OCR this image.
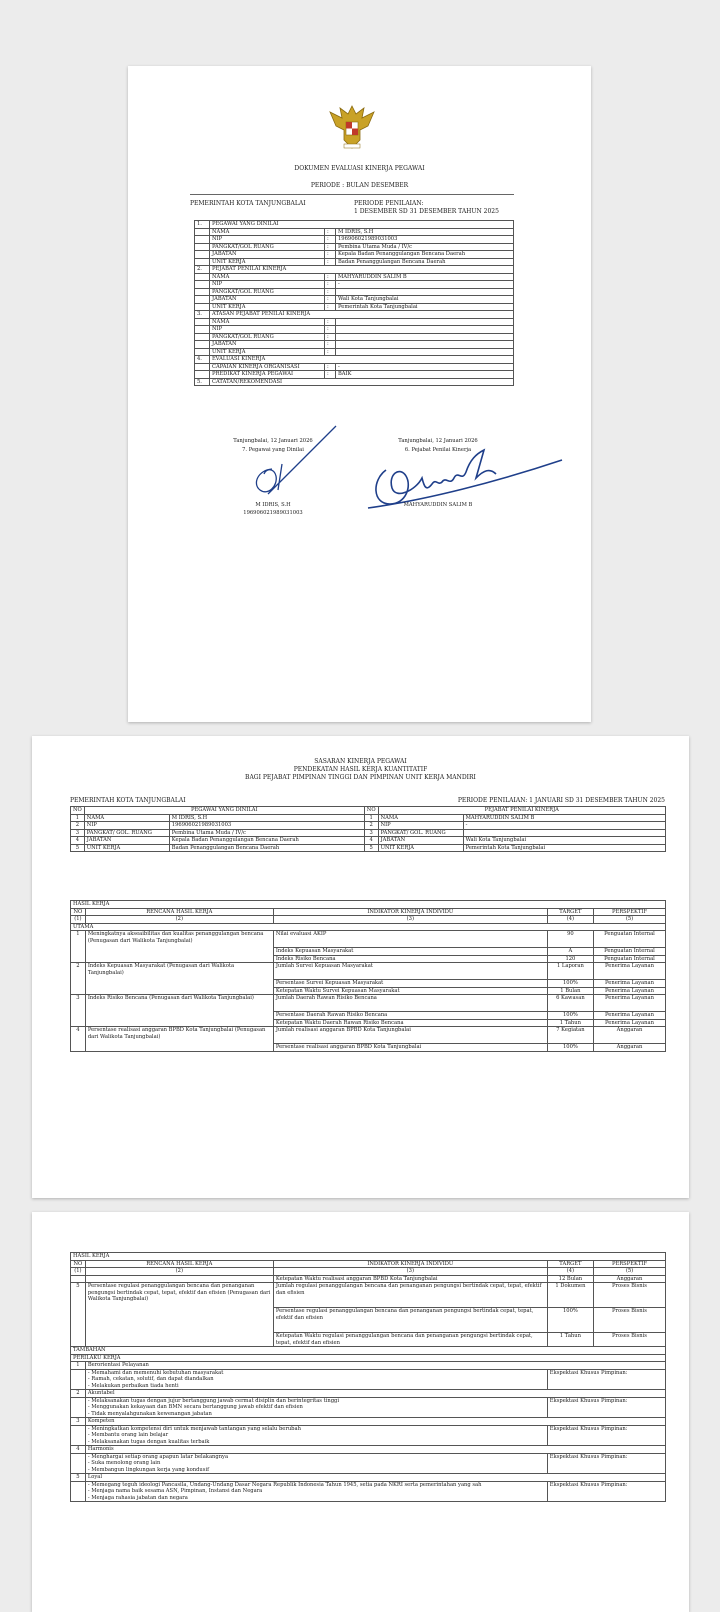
DOKUMEN EVALUASI KINERJA PEGAWAI
PERIODE : BULAN DESEMBER
PEMERINTAH KOTA TANJUNGBALAI	PERIODE PENILAIAN:
1 DESEMBER SD 31 DESEMBER TAHUN 2025
1.	PEGAWAI YANG DINILAI		
	NAMA	:	M IDRIS, S.H
	NIP	:	196906021989031003
	PANGKAT/GOL RUANG	:	Pembina Utama Muda / IV/c
	JABATAN	:	Kepala Badan Penanggulangan Bencana Daerah
	UNIT KERJA	:	Badan Penanggulangan Bencana Daerah
2.	PEJABAT PENILAI KINERJA		
	NAMA	:	MAHYARUDDIN SALIM B
	NIP	:	-
	PANGKAT/GOL RUANG	:	
	JABATAN	:	Wali Kota Tanjungbalai
	UNIT KERJA	:	Pemerintah Kota Tanjungbalai
3.	ATASAN PEJABAT PENILAI KINERJA		
	NAMA	:	
	NIP	:	
	PANGKAT/GOL RUANG	:	
	JABATAN	:	
	UNIT KERJA	:	
4.	EVALUASI KINERJA		
	CAPAIAN KINERJA ORGANISASI	:	-
	PREDIKAT KINERJA PEGAWAI	:	BAIK
5.	CATATAN/REKOMENDASI		
Tanjungbalai, 12 Januari 2026
7. Pegawai yang Dinilai
Tanjungbalai, 12 Januari 2026
6. Pejabat Penilai Kinerja
M IDRIS, S.H
196906021989031003
MAHYARUDDIN SALIM B
SASARAN KINERJA PEGAWAI
PENDEKATAN HASIL KERJA KUANTITATIF
BAGI PEJABAT PIMPINAN TINGGI DAN PIMPINAN UNIT KERJA MANDIRI
PEMERINTAH KOTA TANJUNGBALAI	PERIODE PENILAIAN: 1 JANUARI SD 31 DESEMBER TAHUN 2025
NO	PEGAWAI YANG DINILAI		NO	PEJABAT PENILAI KINERJA	
1	NAMA	M IDRIS, S.H	1	NAMA	MAHYARUDDIN SALIM B
2	NIP	196906021989031003	2	NIP	-
3	PANGKAT/ GOL. RUANG	Pembina Utama Muda / IV/c	3	PANGKAT/ GOL. RUANG	
4	JABATAN	Kepala Badan Penanggulangan Bencana Daerah	4	JABATAN	Wali Kota Tanjungbalai
5	UNIT KERJA	Badan Penanggulangan Bencana Daerah	5	UNIT KERJA	Pemerintah Kota Tanjungbalai
HASIL KERJA				
NO	RENCANA HASIL KERJA	INDIKATOR KINERJA INDIVIDU	TARGET	PERSPEKTIF
(1)	(2)	(3)	(4)	(5)
UTAMA				
1	Meningkatnya akseaibilitas dan kualitas penanggulangan bencana (Penugasan dari Walikota Tanjungbalai)	Nilai evaluasi AKIP	90	Penguatan Internal
		Indeks Kepuasan Masyarakat	A	Penguatan Internal
		Indeks Risiko Bencana	120	Penguatan Internal
2	Indeks Kepuasan Masyarakat (Penugasan dari Walikota Tanjungbalai)	Jumlah Survei Kepuasan Masyarakat	1 Laporan	Penerima Layanan
		Persentase Survei Kepuasan Masyarakat	100%	Penerima Layanan
		Ketepatan Waktu Survei Kepuasan Masyarakat	1 Bulan	Penerima Layanan
3	Indeks Risiko Bencana (Penugasan dari Walikota Tanjungbalai)	Jumlah Daerah Rawan Risiko Bencana	6 Kawasan	Penerima Layanan
		Persentase Daerah Rawan Risiko Bencana	100%	Penerima Layanan
		Ketepatan Waktu Daerah Rawan Risiko Bencana	1 Tahun	Penerima Layanan
4	Persentase realisasi anggaran BPBD Kota Tanjungbalai (Penugasan dari Walikota Tanjungbalai)	Jumlah realisasi anggaran BPBD Kota Tanjungbalai	7 Kegiatan	Anggaran
		Persentase realisasi anggaran BPBD Kota Tanjungbalai	100%	Anggaran
HASIL KERJA				
NO	RENCANA HASIL KERJA	INDIKATOR KINERJA INDIVIDU	TARGET	PERSPEKTIF
(1)	(2)	(3)	(4)	(5)
		Ketepatan Waktu realisasi anggaran BPBD Kota Tanjungbalai	12 Bulan	Anggaran
5	Persentase regulasi penanggulangan bencana dan penanganan pengungsi bertindak cepat, tepat, efektif dan efisien (Penugasan dari Walikota Tanjungbalai)	Jumlah regulasi penanggulangan bencana dan penanganan pengungsi bertindak cepat, tepat, efektif dan efisien	1 Dokumen	Proses Bisnis
		Persentase regulasi penanggulangan bencana dan penanganan pengungsi bertindak cepat, tepat, efektif dan efisien	100%	Proses Bisnis
		Ketepatan Waktu regulasi penanggulangan bencana dan penanganan pengungsi bertindak cepat, tepat, efektif dan efisien	1 Tahun	Proses Bisnis
TAMBAHAN				
PERILAKU KERJA				
1	Berorientasi Pelayanan			

	- Memahami dan memenuhi kebutuhan masyarakat
- Ramah, cekatan, solutif, dan dapat diandalkan
- Melakukan perbaikan tiada henti		Ekspektasi Khusus Pimpinan:	
2	Akuntabel			

	- Melaksanakan tugas dengan jujur bertanggung jawab cermat disiplin dan berintegritas tinggi
- Menggunakan kekayaan dan BMN secara bertanggung jawab efektif dan efisien
- Tidak menyalahgunakan kewenangan jabatan		Ekspektasi Khusus Pimpinan:	
3	Kompeten			

	- Meningkatkan kompetensi diri untuk menjawab tantangan yang selalu berubah
- Membantu orang lain belajar
- Melaksanakan tugas dengan kualitas terbaik		Ekspektasi Khusus Pimpinan:	
4	Harmonis			

	- Menghargai setiap orang apapun latar belakangnya
- Suka menolong orang lain
- Membangun lingkungan kerja yang kondusif		Ekspektasi Khusus Pimpinan:	
5	Loyal			

	- Memegang teguh ideologi Pancasila, Undang-Undang Dasar Negara Republik Indonesia Tahun 1945, setia pada NKRI serta pemerintahan yang sah
- Menjaga nama baik sesama ASN, Pimpinan, Instansi dan Negara
- Menjaga rahasia jabatan dan negara		Ekspektasi Khusus Pimpinan:	
